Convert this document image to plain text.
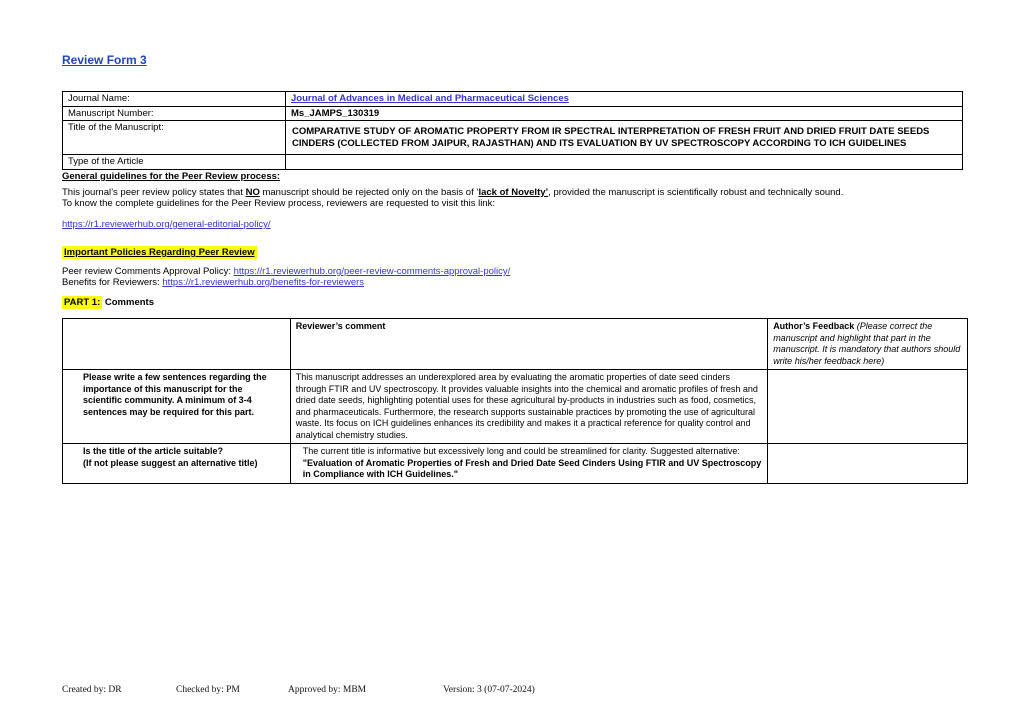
Review Form 3
Journal Name:	Journal of Advances in Medical and Pharmaceutical Sciences
Manuscript Number:	Ms_JAMPS_130319
Title of the Manuscript:	COMPARATIVE STUDY OF AROMATIC PROPERTY FROM IR SPECTRAL INTERPRETATION OF FRESH FRUIT AND DRIED FRUIT DATE SEEDS CINDERS (COLLECTED FROM JAIPUR, RAJASTHAN) AND ITS EVALUATION BY UV SPECTROSCOPY ACCORDING TO ICH GUIDELINES
Type of the Article	
General guidelines for the Peer Review process:
This journal’s peer review policy states that NO manuscript should be rejected only on the basis of ‘lack of Novelty’, provided the manuscript is scientifically robust and technically sound.
To know the complete guidelines for the Peer Review process, reviewers are requested to visit this link:
https://r1.reviewerhub.org/general-editorial-policy/
Important Policies Regarding Peer Review
Peer review Comments Approval Policy: https://r1.reviewerhub.org/peer-review-comments-approval-policy/
Benefits for Reviewers: https://r1.reviewerhub.org/benefits-for-reviewers
PART 1: Comments
	Reviewer’s comment	Author’s Feedback (Please correct the manuscript and highlight that part in the manuscript. It is mandatory that authors should write his/her feedback here)
Please write a few sentences regarding the importance of this manuscript for the scientific community. A minimum of 3-4 sentences may be required for this part.	This manuscript addresses an underexplored area by evaluating the aromatic properties of date seed cinders through FTIR and UV spectroscopy. It provides valuable insights into the chemical and aromatic profiles of fresh and dried date seeds, highlighting potential uses for these agricultural by-products in industries such as food, cosmetics, and pharmaceuticals. Furthermore, the research supports sustainable practices by promoting the use of agricultural waste. Its focus on ICH guidelines enhances its credibility and makes it a practical reference for quality control and analytical chemistry studies.	
Is the title of the article suitable?
(If not please suggest an alternative title)	The current title is informative but excessively long and could be streamlined for clarity. Suggested alternative:
"Evaluation of Aromatic Properties of Fresh and Dried Date Seed Cinders Using FTIR and UV Spectroscopy in Compliance with ICH Guidelines."	
Created by: DR	Checked by: PM	Approved by: MBM	Version: 3 (07-07-2024)
